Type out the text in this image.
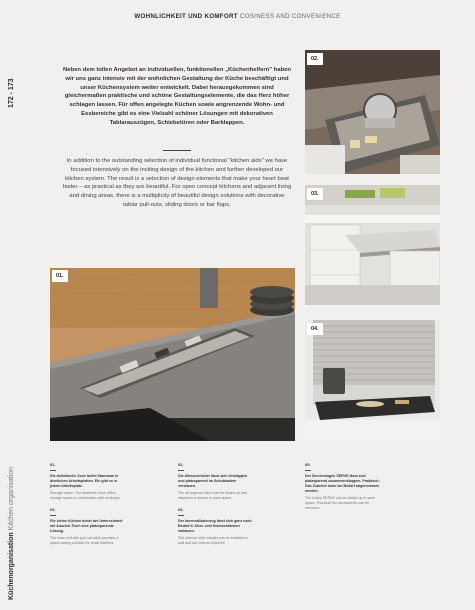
WOHNLICHKEIT UND KOMFORT COSINESS AND CONVENIENCE
172 - 173
Küchenorganisation Kitchen organisation
Neben dem tollen Angebot an individuellen, funktionellen „Küchenhelfern" haben wir uns ganz intensiv mit der wohnlichen Gestaltung der Küche beschäftigt und unser Küchensystem weiter entwickelt. Dabei herausgekommen sind gleichermaßen praktische und schöne Gestaltungselemente, die das Herz höher schlagen lassen. Für offen angelegte Küchen sowie angrenzende Wohn- und Essbereiche gibt es eine Vielzahl schöner Lösungen mit dekorativen Tablarauszügen, Schiebetüren oder Barklappen.
In addition to the outstanding selection of individual functional "kitchen aids" we have focused intensively on the inviting design of the kitchen and further developed our kitchen system. The result is a selection of design elements that make your heart beat faster – as practical as they are beautiful. For open concept kitchens and adjacent living and dining areas, there is a multiplicity of beautiful design solutions with decorative tablar pull-outs, sliding doors or bar flaps.
01.
02.
03.
04.
01.
Die ästhetische Zone bietet Stauraum in dienlichen Arbeitsplatten. Ein gibt es in jedem Arbeitsplatz.
Storage option: The aesthetic zone offers storage space in combination with worktops.
03.
Für kleine Küchen bietet der Unterschrank mit Auszieh-Tisch eine platzsparende Lösung.
The base unit with pull-out table provides a space-saving solution for small kitchens.
02.
Die Allesschneider lässt sich einklappen und platzsparend im Schubkasten verstauen.
The all-purpose slicer can be folded up and stowed in a drawer to save space.
04.
Der Innenrollladenzug lässt sich ganz nach Bedarf in Ober- und Hochschränken einbauen.
The internal roller shutter can be installed in wall and tall units as required.
05.
Der Servierwagen SERVE lässt sich platzsparend zusammenklappen. Praktisch: Das Zubehör kann bei Bedarf abgenommen werden.
The trolley SERVE can be folded up to save space. Practical: the accessories can be removed.
